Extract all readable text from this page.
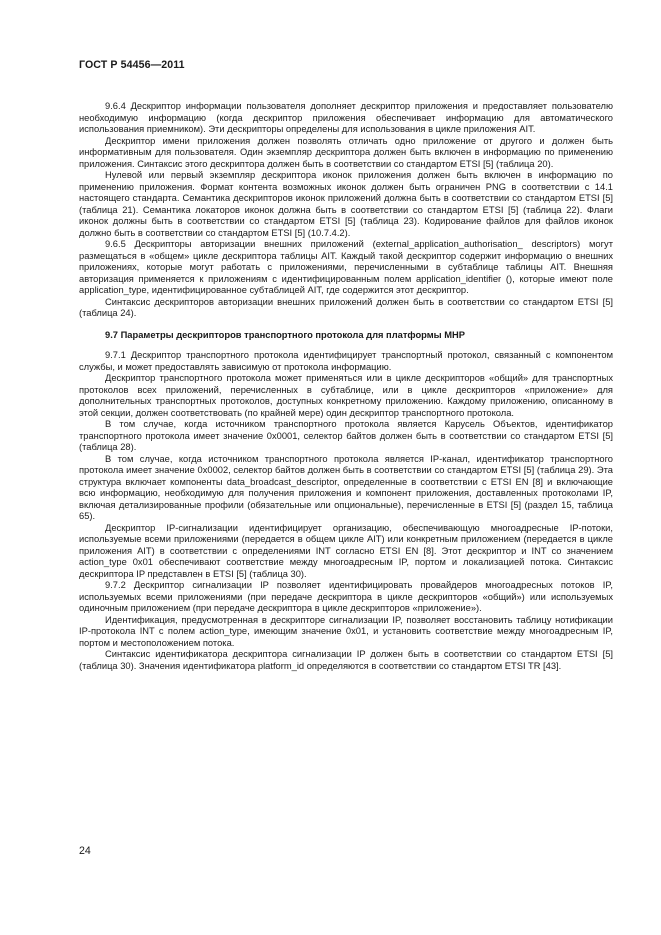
ГОСТ Р 54456—2011

9.6.4 Дескриптор информации пользователя дополняет дескриптор приложения и предоставляет пользователю необходимую информацию (когда дескриптор приложения обеспечивает информацию для автоматического использования приемником). Эти дескрипторы определены для использования в цикле приложения AIT.

Дескриптор имени приложения должен позволять отличать одно приложение от другого и должен быть информативным для пользователя. Один экземпляр дескриптора должен быть включен в информацию по применению приложения. Синтаксис этого дескриптора должен быть в соответствии со стандартом ETSI [5] (таблица 20).

Нулевой или первый экземпляр дескриптора иконок приложения должен быть включен в информацию по применению приложения. Формат контента возможных иконок должен быть ограничен PNG в соответствии с 14.1 настоящего стандарта. Семантика дескрипторов иконок приложений должна быть в соответствии со стандартом ETSI [5] (таблица 21). Семантика локаторов иконок должна быть в соответствии со стандартом ETSI [5] (таблица 22). Флаги иконок должны быть в соответствии со стандартом ETSI [5] (таблица 23). Кодирование файлов для файлов иконок должно быть в соответствии со стандартом ETSI [5] (10.7.4.2).

9.6.5 Дескрипторы авторизации внешних приложений (external_application_authorisation_ descriptors) могут размещаться в «общем» цикле дескриптора таблицы AIT. Каждый такой дескриптор содержит информацию о внешних приложениях, которые могут работать с приложениями, перечисленными в субтаблице таблицы AIT. Внешняя авторизация применяется к приложениям с идентифицированным полем application_identifier (), которые имеют поле application_type, идентифицированное субтаблицей AIT, где содержится этот дескриптор.

Синтаксис дескрипторов авторизации внешних приложений должен быть в соответствии со стандартом ETSI [5] (таблица 24).

9.7 Параметры дескрипторов транспортного протокола для платформы МНР

9.7.1 Дескриптор транспортного протокола идентифицирует транспортный протокол, связанный с компонентом службы, и может предоставлять зависимую от протокола информацию.

Дескриптор транспортного протокола может применяться или в цикле дескрипторов «общий» для транспортных протоколов всех приложений, перечисленных в субтаблице, или в цикле дескрипторов «приложение» для дополнительных транспортных протоколов, доступных конкретному приложению. Каждому приложению, описанному в этой секции, должен соответствовать (по крайней мере) один дескриптор транспортного протокола.

В том случае, когда источником транспортного протокола является Карусель Объектов, идентификатор транспортного протокола имеет значение 0x0001, селектор байтов должен быть в соответствии со стандартом ETSI [5] (таблица 28).

В том случае, когда источником транспортного протокола является IP-канал, идентификатор транспортного протокола имеет значение 0x0002, селектор байтов должен быть в соответствии со стандартом ETSI [5] (таблица 29). Эта структура включает компоненты data_broadcast_descriptor, определенные в соответствии с ETSI EN [8] и включающие всю информацию, необходимую для получения приложения и компонент приложения, доставленных протоколами IP, включая детализированные профили (обязательные или опциональные), перечисленные в ETSI [5] (раздел 15, таблица 65).

Дескриптор IP-сигнализации идентифицирует организацию, обеспечивающую многоадресные IP-потоки, используемые всеми приложениями (передается в общем цикле AIT) или конкретным приложением (передается в цикле приложения AIT) в соответствии с определениями INT согласно ETSI EN [8]. Этот дескриптор и INT со значением action_type 0x01 обеспечивают соответствие между многоадресным IP, портом и локализацией потока. Синтаксис дескриптора IP представлен в ETSI [5] (таблица 30).

9.7.2 Дескриптор сигнализации IP позволяет идентифицировать провайдеров многоадресных потоков IP, используемых всеми приложениями (при передаче дескриптора в цикле дескрипторов «общий») или используемых одиночным приложением (при передаче дескриптора в цикле дескрипторов «приложение»).

Идентификация, предусмотренная в дескрипторе сигнализации IP, позволяет восстановить таблицу нотификации IP-протокола INT с полем action_type, имеющим значение 0x01, и установить соответствие между многоадресным IP, портом и местоположением потока.

Синтаксис идентификатора дескриптора сигнализации IP должен быть в соответствии со стандартом ETSI [5] (таблица 30). Значения идентификатора platform_id определяются в соответствии со стандартом ETSI TR [43].

24
